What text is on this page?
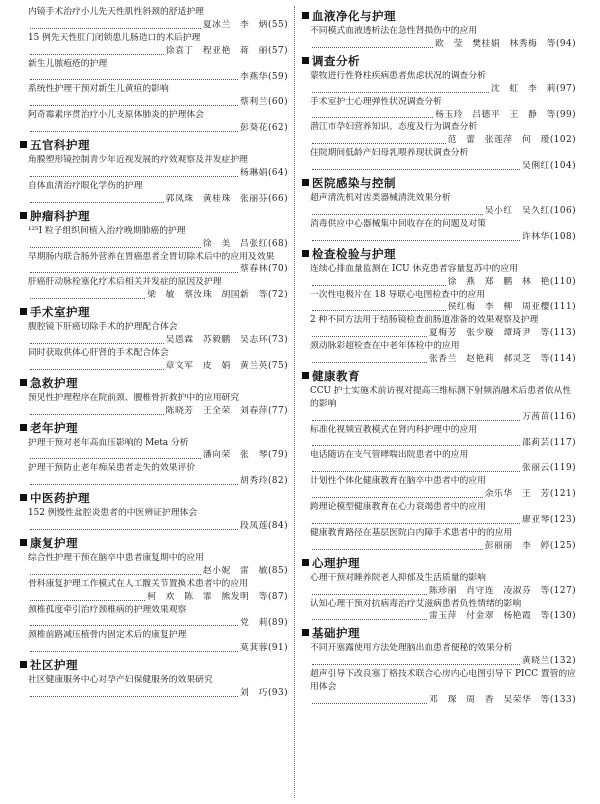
内镜手术治疗小儿先天性肌性斜颈的舒适护理
夏冰兰　李　炳 (55)
15 例先天性肛门闭锁患儿肠造口的术后护理
徐袁丁　程亚艳　蒋　丽 (57)
新生儿脓疱疮的护理
李燕华 (59)
系统性护理干预对新生儿黄疸的影响
蔡利兰 (60)
阿奇霉素序贯治疗小儿支原体肺炎的护理体会
彭葵花 (62)
五官科护理
角膜塑形镜控制青少年近视发展的疗效观察及并发症护理
杨琳娟 (64)
自体血清治疗眼化学伤的护理
郭凤珠　黄桂珠　张丽芬 (66)
肿瘤科护理
¹²⁵I 粒子组织间植入治疗晚期肺癌的护理
徐　美　吕张红 (68)
早期肠内联合肠外营养在胃癌患者全胃切除术后中的应用及效果
蔡春林 (70)
肝癌肝动脉栓塞化疗术后相关并发症的原因及护理
梁　敏　蔡汝珠　胡国新　等 (72)
手术室护理
腹腔镜下肝癌切除手术的护理配合体会
吴恩霖　苏毅鹏　吴志环 (73)
同时获取供体心肝肾的手术配合体会
章文军　皮　娟　黄兰英 (75)
急救护理
预见性护理程序在院前颈、腰椎骨折救护中的应用研究
陈晓芳　王全荣　刘春萍 (77)
老年护理
护理干预对老年高血压影响的 Meta 分析
潘向荣　张　琴 (79)
护理干预防止老年痴呆患者走失的效果评价
胡秀玲 (82)
中医药护理
152 例慢性盆腔炎患者的中医辨证护理体会
段凤莲 (84)
康复护理
综合性护理干预在脑卒中患者康复期中的应用
赵小妮　雷　敏 (85)
骨科康复护理工作模式在人工髋关节置换术患者中的应用
柯　欢　陈　霏　熊发明　等 (87)
颈椎孤度牵引治疗颈椎病的护理效果观察
党　莉 (89)
颈椎前路减压植骨内固定术后的康复护理
莫萁蓉 (91)
社区护理
社区健康服务中心对孕产妇保健服务的效果研究
刘　巧 (93)
血液净化与护理
不同模式血液透析法在急性肾损伤中的应用
欧　莹　樊桂娟　林秀梅　等 (94)
调查分析
蒙牧进行性脊柱疾病患者焦虑状况的调查分析
沈　虹　李　莉 (97)
手术室护士心理弹性状况调查分析
杨玉玲　吕德平　王　静　等 (99)
潜江市孕妇营养知识、态度及行为调查分析
范　蕾　张莲萍　何　瑷 (102)
住院期间低龄产妇母乳喂养现状调查分析
吴俐红 (104)
医院感染与控制
超声清洗机对齿类器械清洗效果分析
吴小红　吴久红 (106)
消毒供应中心器械集中回收存在的问题及对策
许林华 (108)
检查检验与护理
连续心排血量监测在 ICU 休克患者容量复苏中的应用
徐　燕　郑　鹏　林　艳 (110)
一次性电极片在 18 导联心电图检查中的应用
侯红梅　李　柳　周亚樱 (111)
2 种不同方法用于结肠镜检查前肠道准备的效果观察及护理
夏梅芳　张少璇　谭琦尹　等 (113)
颈动脉彩超检查在中老年体检中的应用
张香兰　赵艳莉　郝灵芝　等 (114)
健康教育
CCU 护士实施术前访视对提高三维标测下射频消融术后患者依从性的影响
万茜苗 (116)
标准化视频宣教模式在肾内科护理中的应用
邵莉芸 (117)
电话随访在支气管哮喘出院患者中的应用
张丽云 (119)
计划性个体化健康教育在脑卒中患者中的应用
余乐华　王　芳 (121)
跨理论模型健康教育在心力衰竭患者中的应用
廖亚琴 (123)
健康教育路径在基层医院白内障手术患者中的的应用
彭丽丽　李　婷 (125)
心理护理
心理干预对睡养院老人抑郁及生活质量的影响
陈珍丽　肖守连　凌淑芬　等 (127)
认知心理干预对抗病毒治疗艾滋病患者负性情绪的影响
雷玉萍　付金翠　杨艳霞　等 (130)
基础护理
不同开塞露使用方法处理脑出血患者便秘的效果分析
黄晓兰 (132)
超声引导下改良塞丁格技术联合心房内心电图引导下 PICC 置管的应用体会
邓　琛　周　香　吴荣华　等 (133)
